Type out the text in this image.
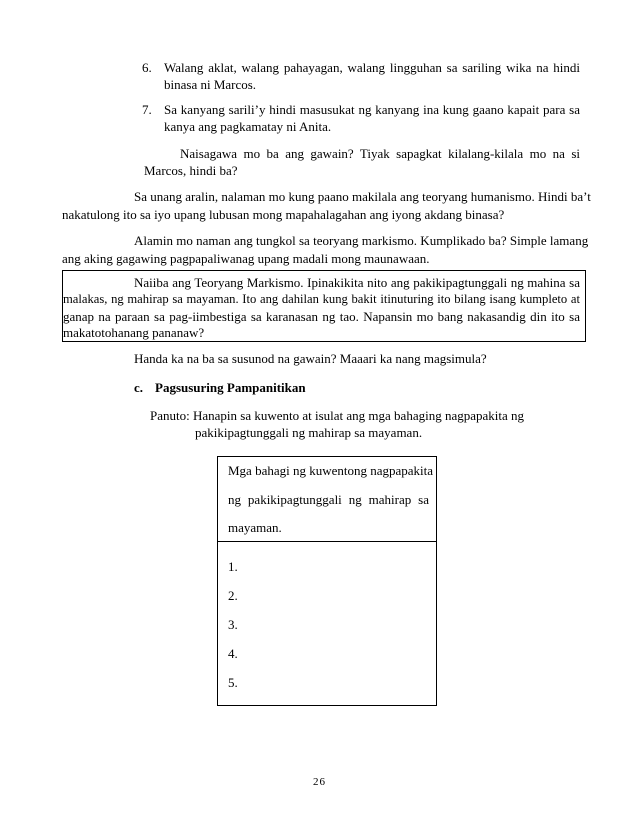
6. Walang aklat, walang pahayagan, walang lingguhan sa sariling wika na hindi
binasa ni Marcos.
7. Sa kanyang sarili’y hindi masusukat ng kanyang ina kung gaano kapait para sa
kanya ang pagkamatay ni Anita.
Naisagawa mo ba ang gawain? Tiyak sapagkat kilalang-kilala mo na si
Marcos, hindi ba?
Sa unang aralin, nalaman mo kung paano makilala ang teoryang humanismo. Hindi ba’t
nakatulong ito sa iyo upang lubusan mong mapahalagahan ang iyong akdang binasa?
Alamin mo naman ang tungkol sa teoryang markismo. Kumplikado ba? Simple lamang
ang aking gagawing pagpapaliwanag upang madali mong maunawaan.
Naiiba ang Teoryang Markismo. Ipinakikita nito ang pakikipagtunggali ng mahina sa
malakas, ng mahirap sa mayaman. Ito ang dahilan kung bakit itinuturing ito bilang isang kumpleto at
ganap na paraan sa pag-iimbestiga sa karanasan ng tao. Napansin mo bang nakasandig din ito sa
makatotohanang pananaw?
Handa ka na ba sa susunod na gawain? Maaari ka nang magsimula?
c. Pagsusuring Pampanitikan
Panuto: Hanapin sa kuwento at isulat ang mga bahaging nagpapakita ng
pakikipagtunggali ng mahirap sa mayaman.
Mga bahagi ng kuwentong nagpapakita
ng pakikipagtunggali ng mahirap sa
mayaman.
1.
2.
3.
4.
5.
26
